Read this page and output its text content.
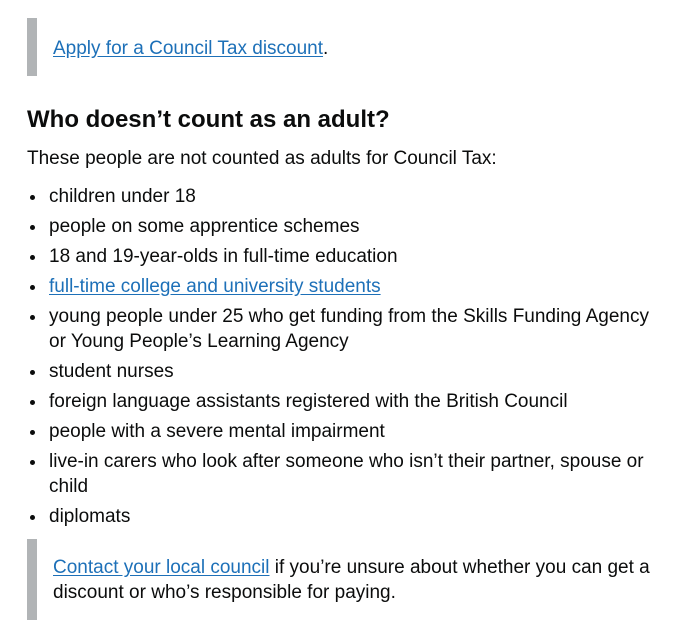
Apply for a Council Tax discount.

Who doesn’t count as an adult?

These people are not counted as adults for Council Tax:

children under 18
people on some apprentice schemes
18 and 19-year-olds in full-time education
full-time college and university students
young people under 25 who get funding from the Skills Funding Agency or Young People’s Learning Agency
student nurses
foreign language assistants registered with the British Council
people with a severe mental impairment
live-in carers who look after someone who isn’t their partner, spouse or child
diplomats

Contact your local council if you’re unsure about whether you can get a discount or who’s responsible for paying.
